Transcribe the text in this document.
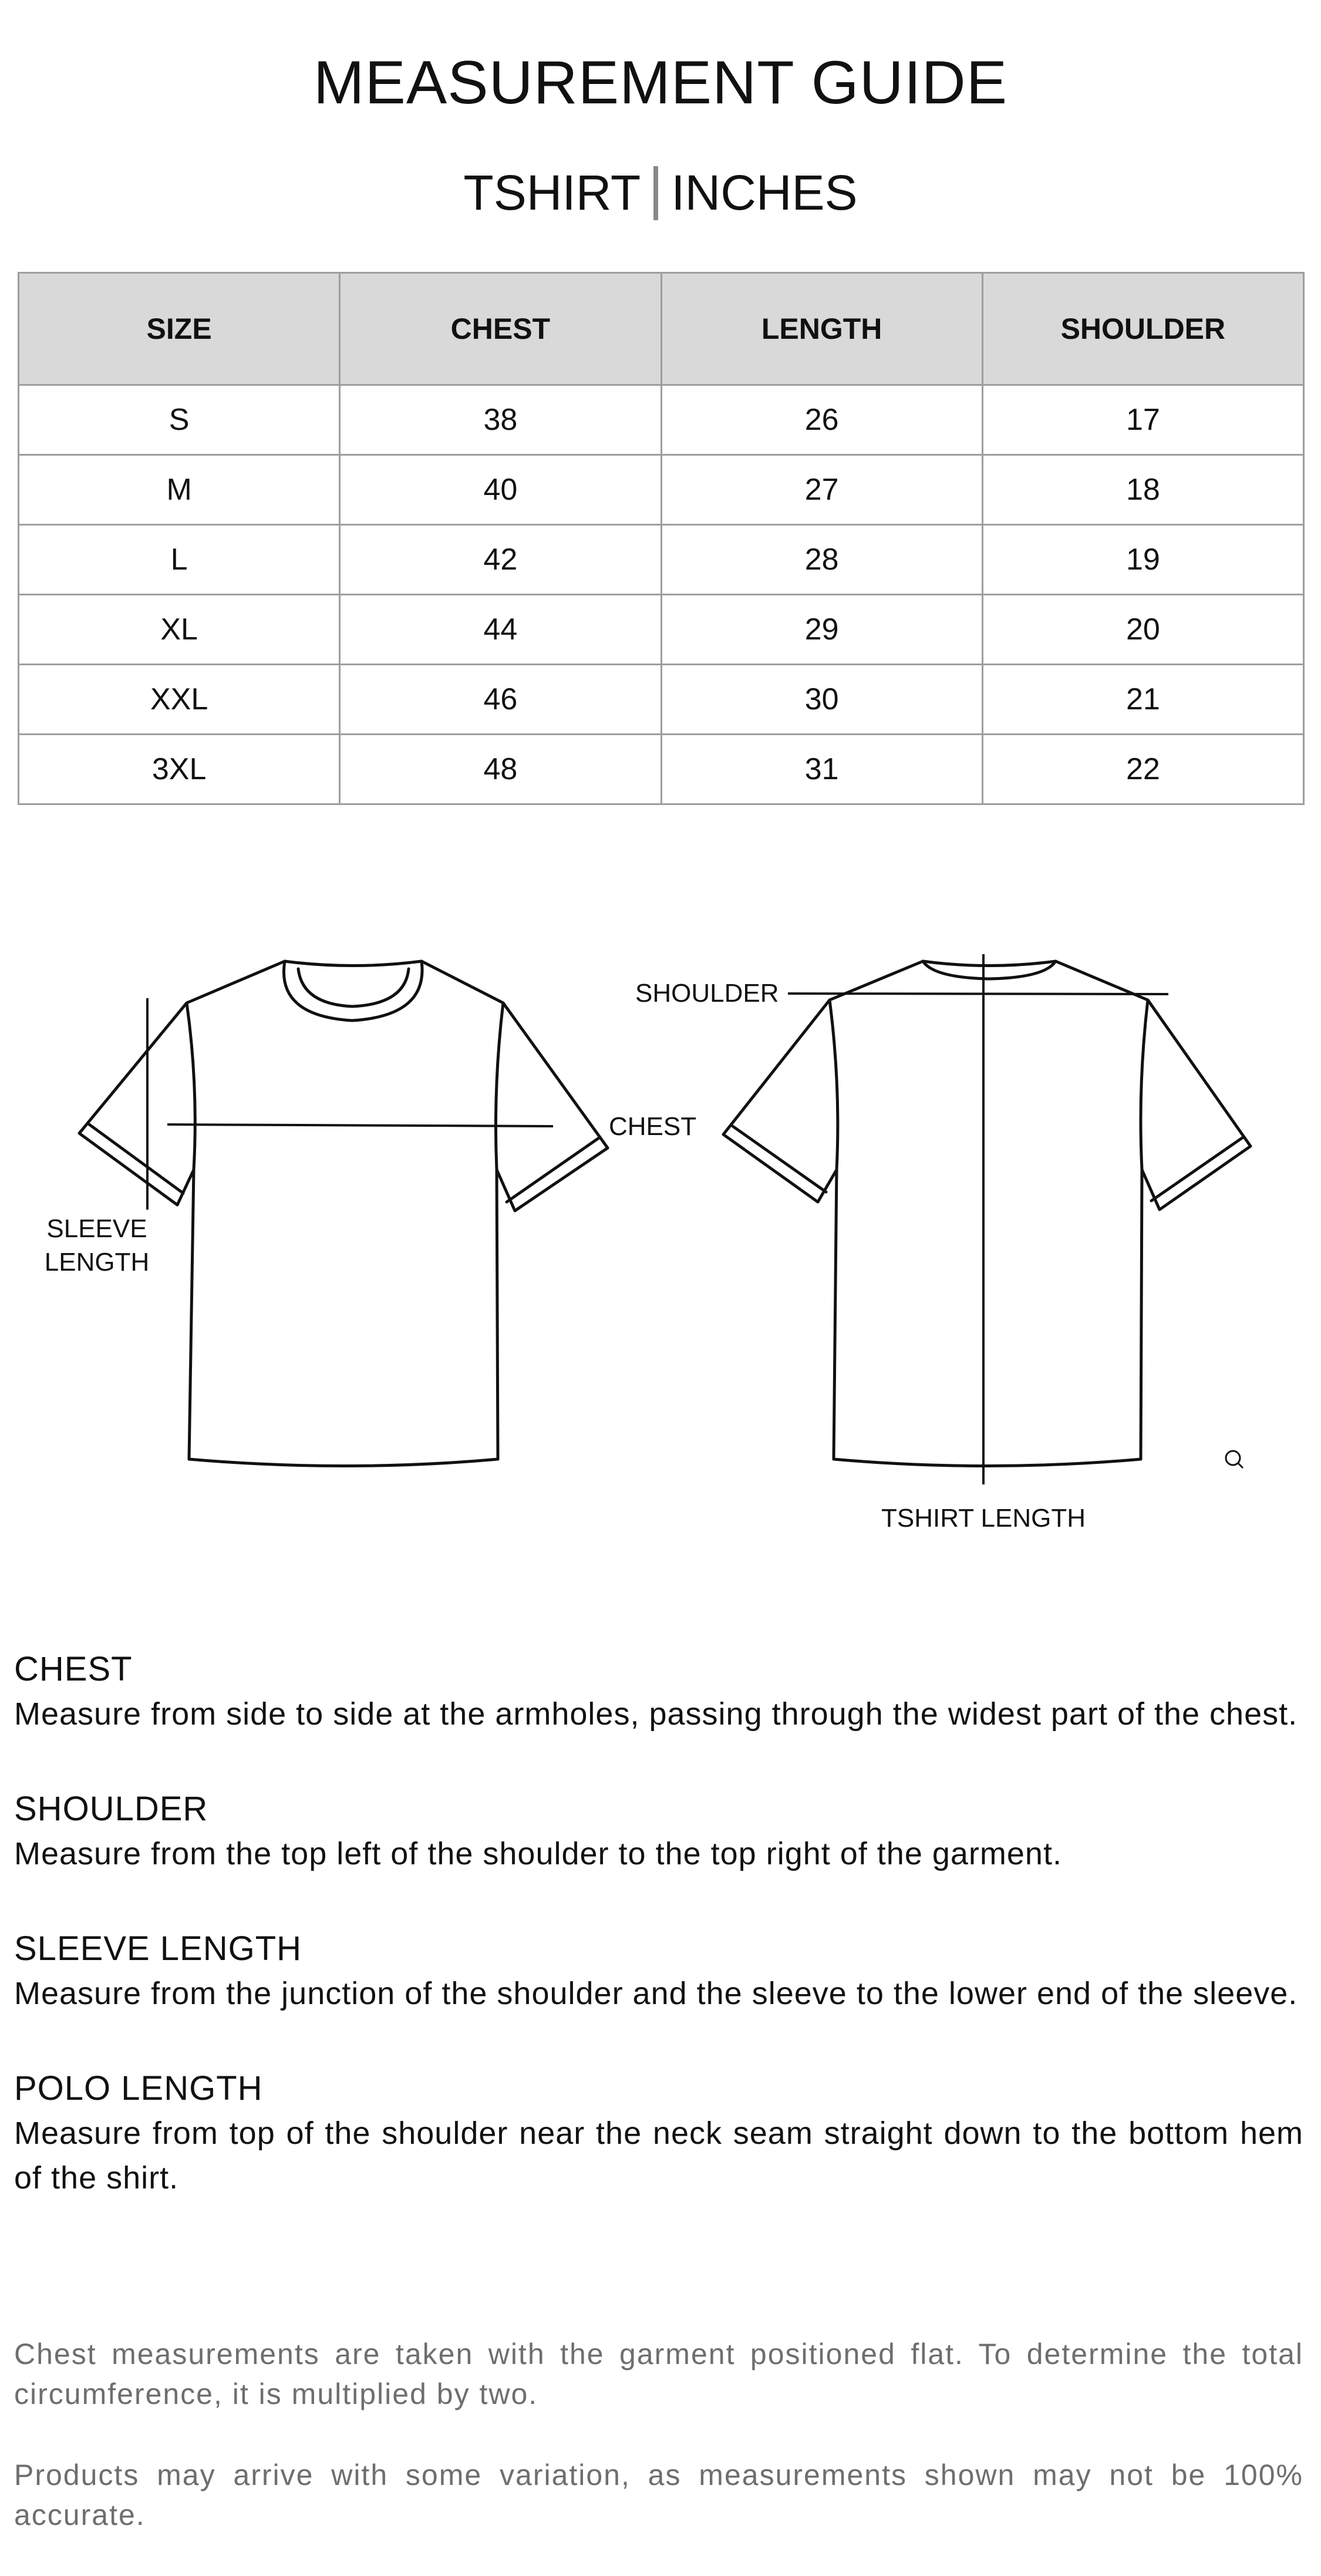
MEASUREMENT GUIDE
TSHIRT INCHES
SIZE	CHEST	LENGTH	SHOULDER
S	38	26	17
M	40	27	18
L	42	28	19
XL	44	29	20
XXL	46	30	21
3XL	48	31	22
SLEEVE
LENGTH
CHEST
SHOULDER
TSHIRT LENGTH
CHEST
Measure from side to side at the armholes, passing through the widest part of the chest.
SHOULDER
Measure from the top left of the shoulder to the top right of the garment.
SLEEVE LENGTH
Measure from the junction of the shoulder and the sleeve to the lower end of the sleeve.
POLO LENGTH
Measure from top of the shoulder near the neck seam straight down to the bottom hem of the shirt.
Chest measurements are taken with the garment positioned flat. To determine the total circumference, it is multiplied by two.
Products may arrive with some variation, as measurements shown may not be 100% accurate.
